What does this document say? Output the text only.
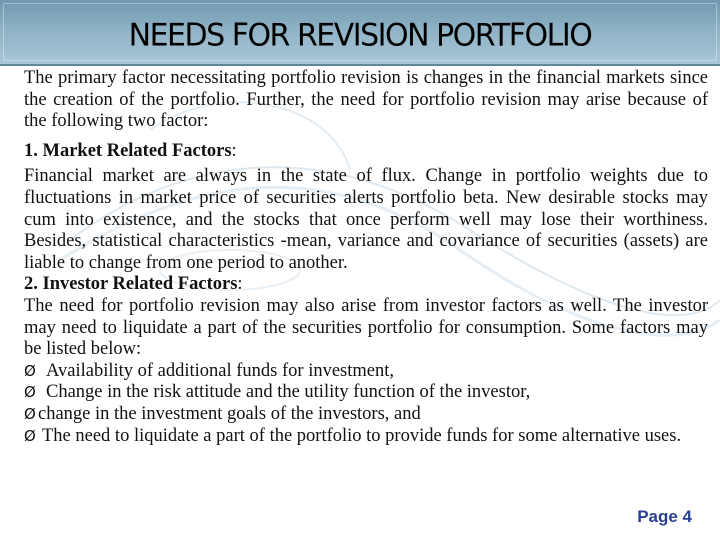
NEEDS FOR REVISION PORTFOLIO

The primary factor necessitating portfolio revision is changes in the financial markets since the creation of the portfolio. Further, the need for portfolio revision may arise because of the following two factor:

1. Market Related Factors:

Financial market are always in the state of flux. Change in portfolio weights due to fluctuations in market price of securities alerts portfolio beta. New desirable stocks may cum into existence, and the stocks that once perform well may lose their worthiness. Besides, statistical characteristics -mean, variance and covariance of securities (assets) are liable to change from one period to another.

2. Investor Related Factors:

The need for portfolio revision may also arise from investor factors as well. The investor may need to liquidate a part of the securities portfolio for consumption. Some factors may be listed below:

Ø Availability of additional funds for investment,
Ø Change in the risk attitude and the utility function of the investor,
Ø change in the investment goals of the investors, and

Ø The need to liquidate a part of the portfolio to provide funds for some alternative uses.

Page 4
